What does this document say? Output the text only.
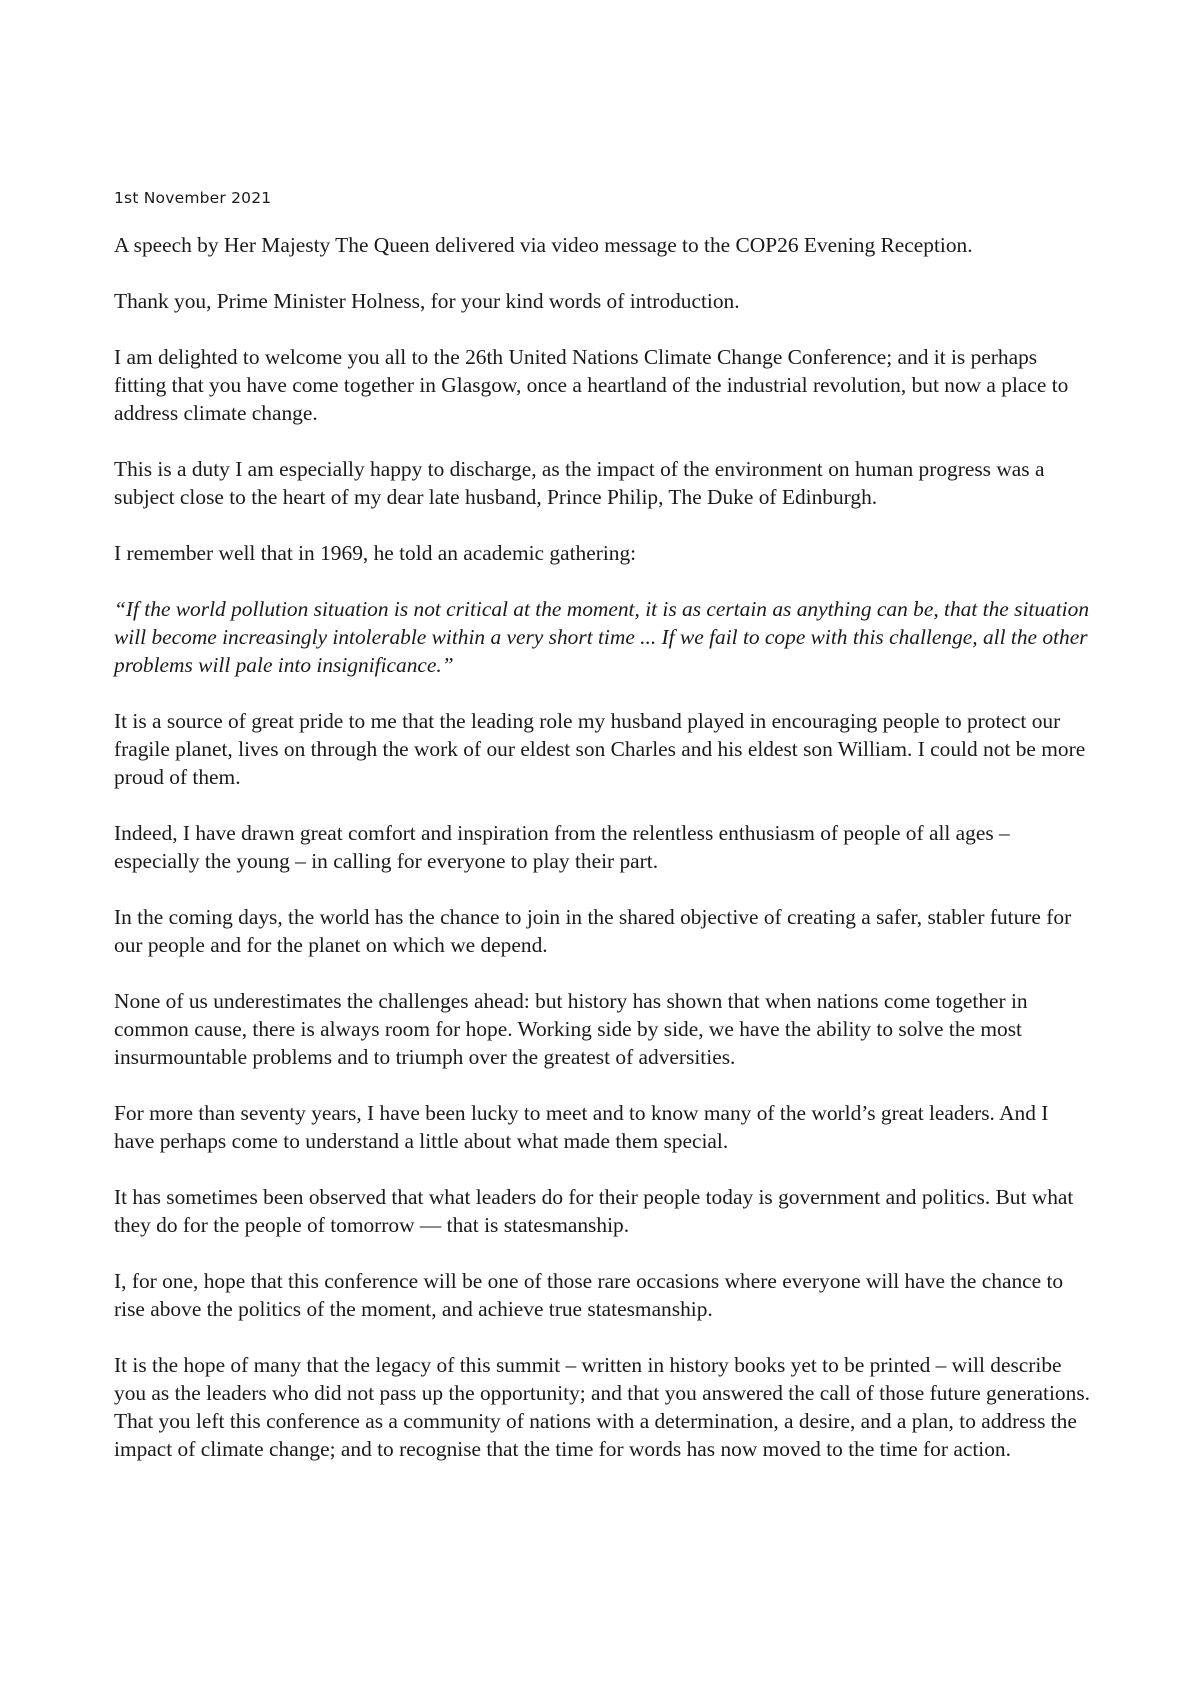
1st November 2021

A speech by Her Majesty The Queen delivered via video message to the COP26 Evening Reception.

Thank you, Prime Minister Holness, for your kind words of introduction.

I am delighted to welcome you all to the 26th United Nations Climate Change Conference; and it is perhaps fitting that you have come together in Glasgow, once a heartland of the industrial revolution, but now a place to address climate change.

This is a duty I am especially happy to discharge, as the impact of the environment on human progress was a subject close to the heart of my dear late husband, Prince Philip, The Duke of Edinburgh.

I remember well that in 1969, he told an academic gathering:

“If the world pollution situation is not critical at the moment, it is as certain as anything can be, that the situation will become increasingly intolerable within a very short time ... If we fail to cope with this challenge, all the other problems will pale into insignificance.”

It is a source of great pride to me that the leading role my husband played in encouraging people to protect our fragile planet, lives on through the work of our eldest son Charles and his eldest son William. I could not be more proud of them.

Indeed, I have drawn great comfort and inspiration from the relentless enthusiasm of people of all ages – especially the young – in calling for everyone to play their part.

In the coming days, the world has the chance to join in the shared objective of creating a safer, stabler future for our people and for the planet on which we depend.

None of us underestimates the challenges ahead: but history has shown that when nations come together in common cause, there is always room for hope. Working side by side, we have the ability to solve the most insurmountable problems and to triumph over the greatest of adversities.

For more than seventy years, I have been lucky to meet and to know many of the world’s great leaders. And I have perhaps come to understand a little about what made them special.

It has sometimes been observed that what leaders do for their people today is government and politics. But what they do for the people of tomorrow — that is statesmanship.

I, for one, hope that this conference will be one of those rare occasions where everyone will have the chance to rise above the politics of the moment, and achieve true statesmanship.

It is the hope of many that the legacy of this summit – written in history books yet to be printed – will describe you as the leaders who did not pass up the opportunity; and that you answered the call of those future generations. That you left this conference as a community of nations with a determination, a desire, and a plan, to address the impact of climate change; and to recognise that the time for words has now moved to the time for action.
